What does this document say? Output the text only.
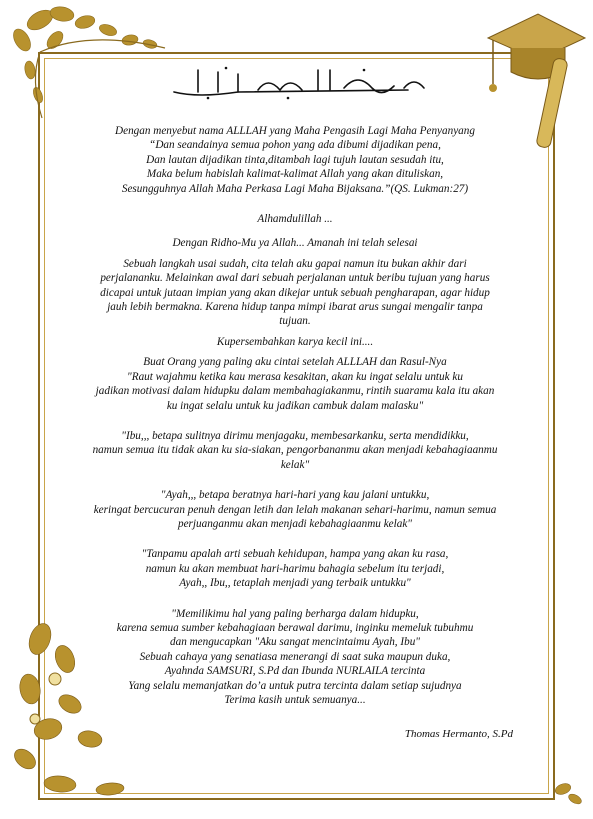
Dengan menyebut nama ALLLAH yang Maha Pengasih Lagi Maha Penyanyang

“Dan seandainya semua pohon yang ada dibumi dijadikan pena,

Dan lautan dijadikan tinta,ditambah lagi tujuh lautan sesudah itu,

Maka belum habislah kalimat-kalimat Allah yang akan dituliskan,

Sesungguhnya Allah Maha Perkasa Lagi Maha Bijaksana.”(QS. Lukman:27)

Alhamdulillah ...

Dengan Ridho-Mu ya Allah... Amanah ini telah selesai

Sebuah langkah usai sudah, cita telah aku gapai namun itu bukan akhir dari

perjalananku. Melainkan awal dari sebuah perjalanan untuk beribu tujuan yang harus

dicapai untuk jutaan impian yang akan dikejar untuk sebuah pengharapan, agar hidup

jauh lebih bermakna. Karena hidup tanpa mimpi ibarat arus sungai mengalir tanpa

tujuan.

Kupersembahkan karya kecil ini....

Buat Orang yang paling aku cintai setelah ALLLAH dan Rasul-Nya

"Raut wajahmu ketika kau merasa kesakitan, akan ku ingat selalu untuk ku

jadikan motivasi dalam hidupku dalam membahagiakanmu, rintih suaramu kala itu akan

ku ingat selalu untuk ku jadikan cambuk dalam malasku"

"Ibu,,, betapa sulitnya dirimu menjagaku, membesarkanku, serta mendidikku,

namun semua itu tidak akan ku sia-siakan, pengorbananmu akan menjadi kebahagiaanmu

kelak"

"Ayah,,, betapa beratnya hari-hari yang kau jalani untukku,

keringat bercucuran penuh dengan letih dan lelah makanan sehari-harimu, namun semua

perjuanganmu akan menjadi kebahagiaanmu kelak"

"Tanpamu apalah arti sebuah kehidupan, hampa yang akan ku rasa,

namun ku akan membuat hari-harimu bahagia sebelum itu terjadi,

Ayah,, Ibu,, tetaplah menjadi yang terbaik untukku"

"Memilikimu hal yang paling berharga dalam hidupku,

karena semua sumber kebahagiaan berawal darimu, inginku memeluk tubuhmu

dan mengucapkan "Aku sangat mencintaimu Ayah, Ibu"

Sebuah cahaya yang senatiasa menerangi di saat suka maupun duka,

Ayahnda SAMSURI, S.Pd dan Ibunda NURLAILA tercinta

Yang selalu memanjatkan do’a untuk putra tercinta dalam setiap sujudnya

Terima kasih untuk semuanya...

Thomas Hermanto, S.Pd
